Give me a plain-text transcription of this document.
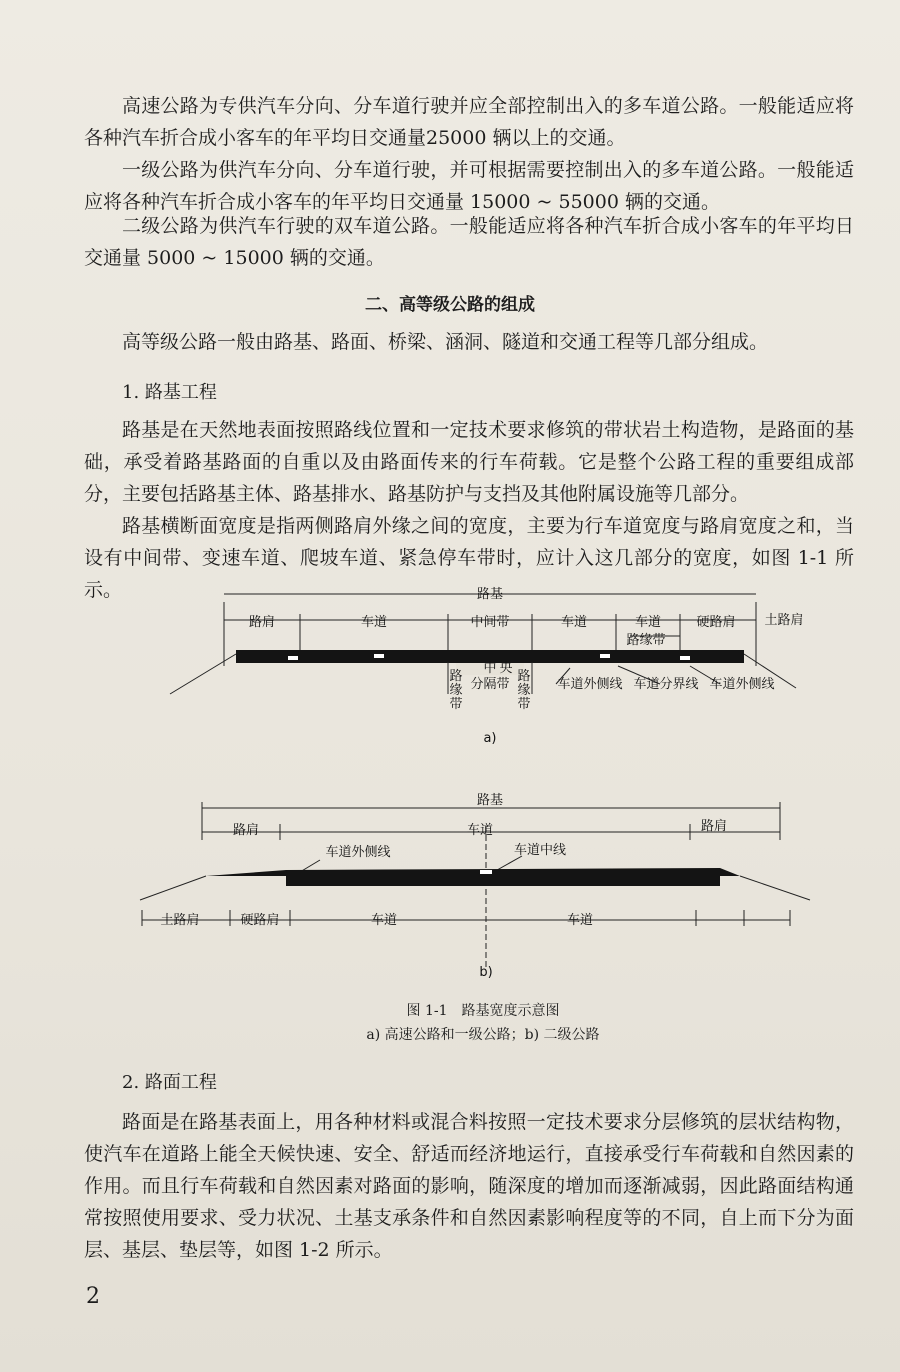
高速公路为专供汽车分向、分车道行驶并应全部控制出入的多车道公路。一般能适应将各种汽车折合成小客车的年平均日交通量25000 辆以上的交通。

一级公路为供汽车分向、分车道行驶，并可根据需要控制出入的多车道公路。一般能适应将各种汽车折合成小客车的年平均日交通量 15000 ~ 55000 辆的交通。

二级公路为供汽车行驶的双车道公路。一般能适应将各种汽车折合成小客车的年平均日交通量 5000 ~ 15000 辆的交通。

二、高等级公路的组成

高等级公路一般由路基、路面、桥梁、涵洞、隧道和交通工程等几部分组成。

1. 路基工程

路基是在天然地表面按照路线位置和一定技术要求修筑的带状岩土构造物，是路面的基础，承受着路基路面的自重以及由路面传来的行车荷载。它是整个公路工程的重要组成部分，主要包括路基主体、路基排水、路基防护与支挡及其他附属设施等几部分。

路基横断面宽度是指两侧路肩外缘之间的宽度，主要为行车道宽度与路肩宽度之和，当设有中间带、变速车道、爬坡车道、紧急停车带时，应计入这几部分的宽度，如图 1-1 所示。	路基
路肩	车道	中间带	车道	车道	硬路肩 土路肩
路缘带
中 央
分隔带
路
缘
带
路
缘
带
车道外侧线 车道分界线 车道外侧线
a)
路基
路肩	车道	路肩
车道外侧线	车道中线
土路肩	硬路肩	车道	车道
b)

图 1-1　路基宽度示意图

a) 高速公路和一级公路；b) 二级公路

2. 路面工程

路面是在路基表面上，用各种材料或混合料按照一定技术要求分层修筑的层状结构物，使汽车在道路上能全天候快速、安全、舒适而经济地运行，直接承受行车荷载和自然因素的作用。而且行车荷载和自然因素对路面的影响，随深度的增加而逐渐减弱，因此路面结构通常按照使用要求、受力状况、土基支承条件和自然因素影响程度等的不同，自上而下分为面层、基层、垫层等，如图 1-2 所示。

2
